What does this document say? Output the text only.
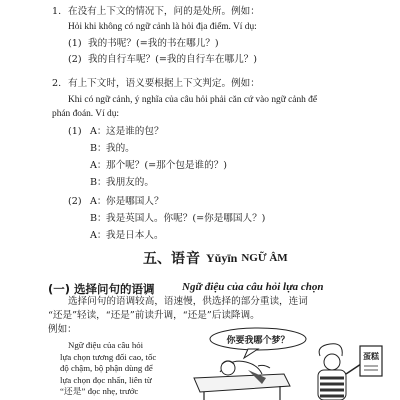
1. 在没有上下文的情况下，问的是处所。例如：
Hỏi khi không có ngữ cảnh là hỏi địa điểm. Ví dụ:
(1) 我的书呢？(=我的书在哪儿？)
(2) 我的自行车呢？(=我的自行车在哪儿？)
2. 有上下文时，语义要根据上下文判定。例如：
Khi có ngữ cảnh, ý nghĩa của câu hỏi phải căn cứ vào ngữ cảnh để
phán đoán. Ví dụ:
(1) A： 这是谁的包？
B： 我的。
A： 那个呢？(=那个包是谁的？)
B： 我朋友的。
(2) A： 你是哪国人？
B： 我是英国人。你呢？(=你是哪国人？)
A： 我是日本人。
五、 语音 Yǔyīn NGỮ ÂM
(一) 选择问句的语调 Ngữ điệu của câu hỏi lựa chọn
选择问句的语调较高，语速慢，供选择的部分重读，连词
“还是”轻读，“还是”前读升调，“还是”后读降调。
例如：
Ngữ điệu của câu hỏi
lựa chọn tương đối cao, tốc
độ chậm, bộ phận dùng để
lựa chọn đọc nhấn, liên từ
“还是” đọc nhẹ, trước
你要我哪个梦？
蛋糕
